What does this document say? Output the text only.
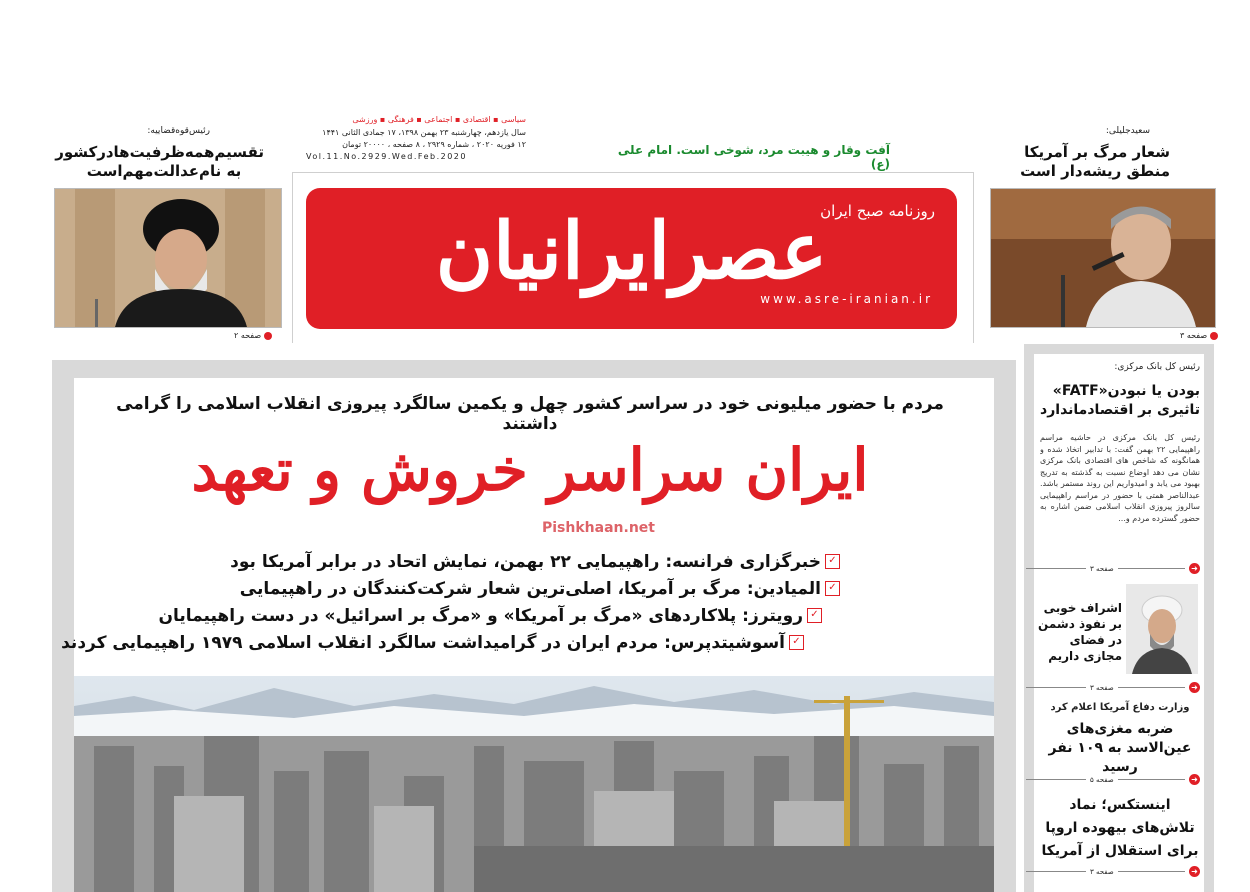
رئیس‌قوه‌قضاییه:
تقسیم‌همه‌ظرفیت‌هادر‌کشور به نام‌عدالت‌مهم‌است
صفحه ۲
سیاسی ▪ اقتصادی ▪ اجتماعی ▪ فرهنگی ▪ ورزشی
سال یازدهم، چهارشنبه ۲۳ بهمن ۱۳۹۸، ۱۷ جمادی الثانی ۱۴۴۱
۱۲ فوریه ۲۰۲۰ ، شماره ۲۹۲۹ ، ۸ صفحه ، ۲۰۰۰۰ تومان
Vol.11.No.2929.Wed.Feb.2020	آفت وقار و هیبت مرد، شوخی است. امام علی (ع)
سعیدجلیلی:
شعار مرگ بر آمریکا منطق ریشه‌دار است
صفحه ۳
روزنامه صبح ایران
عصرایرانیان
www.asre-iranian.ir
مردم با حضور میلیونی خود در سراسر کشور چهل و یکمین سالگرد پیروزی انقلاب اسلامی را گرامی داشتند
ایران سراسر خروش و تعهد
Pishkhaan.net
✓
خبرگزاری فرانسه: راهپیمایی ۲۲ بهمن، نمایش اتحاد در برابر آمریکا بود
✓
المیادین: مرگ بر آمریکا، اصلی‌ترین شعار شرکت‌کنندگان در راهپیمایی
✓
رویترز: پلاکاردهای «مرگ بر آمریکا» و «مرگ بر اسرائیل» در دست راهپیمایان
✓
آسوشیتدپرس: مردم ایران در گرامیداشت سالگرد انقلاب اسلامی ۱۹۷۹ راهپیمایی کردند
رئیس کل بانک مرکزی:
بودن یا نبودن«FATF» تاثیری بر اقتصادماندارد
رئیس کل بانک مرکزی در حاشیه مراسم راهپیمایی ۲۲ بهمن گفت: با تدابیر اتخاذ شده و همانگونه که شاخص های اقتصادی بانک مرکزی نشان می دهد اوضاع نسبت به گذشته به تدریج بهبود می یابد و امیدواریم این روند مستمر باشد. عبدالناصر همتی با حضور در مراسم راهپیمایی سالروز پیروزی انقلاب اسلامی ضمن اشاره به حضور گسترده مردم و...
➜
صفحه ۳
اشراف خوبی بر نفوذ دشمن در فضای مجازی داریم
➜
صفحه ۳
وزارت دفاع آمریکا اعلام کرد
ضربه مغزی‌های عین‌الاسد به ۱۰۹ نفر رسید
➜
صفحه ۵
اینستکس؛ نماد تلاش‌های بیهوده اروپا برای استقلال از آمریکا
➜
صفحه ۳
